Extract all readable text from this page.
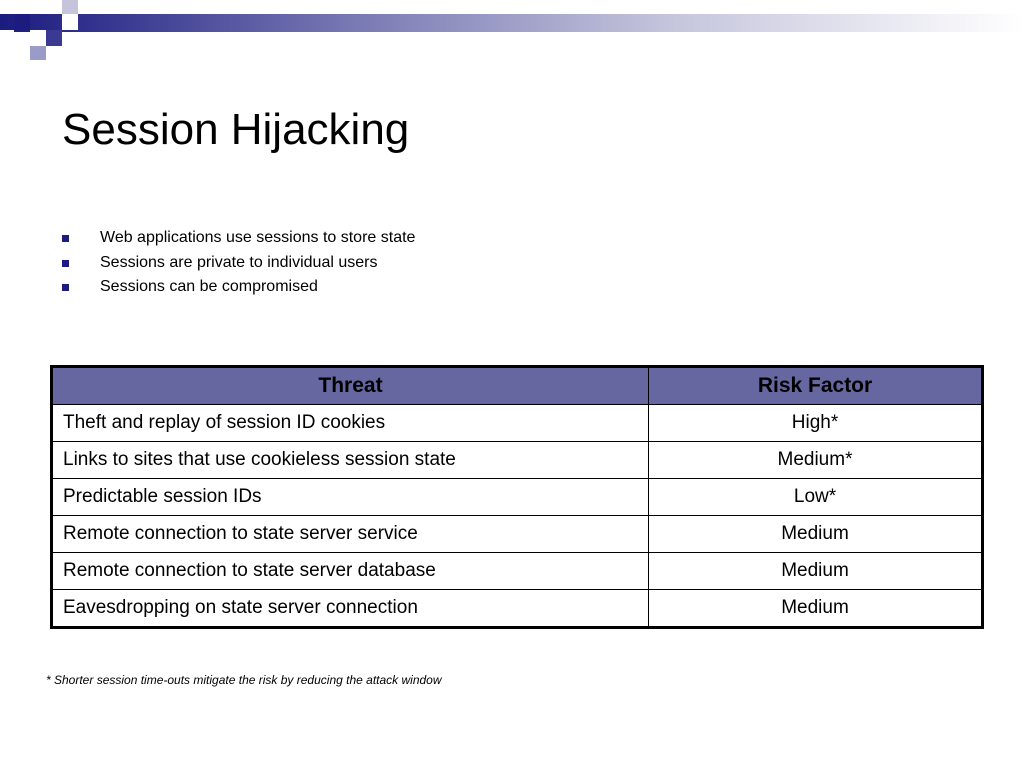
Session Hijacking
Web applications use sessions to store state
Sessions are private to individual users
Sessions can be compromised
Threat	Risk Factor
Theft and replay of session ID cookies	High*
Links to sites that use cookieless session state	Medium*
Predictable session IDs	Low*
Remote connection to state server service	Medium
Remote connection to state server database	Medium
Eavesdropping on state server connection	Medium
* Shorter session time-outs mitigate the risk by reducing the attack window
